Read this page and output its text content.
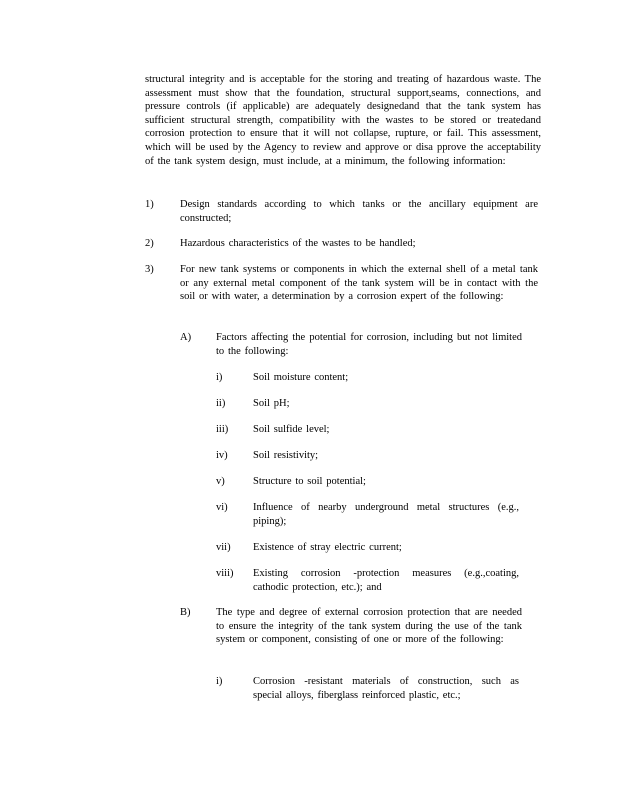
structural integrity and is acceptable for the storing and treating of hazardous waste. The assessment must show that the foundation, structural support,seams, connections, and pressure controls (if applicable) are adequately designedand that the tank system has sufficient structural strength, compatibility with the wastes to be stored or treatedand corrosion protection to ensure that it will not collapse, rupture, or fail. This assessment, which will be used by the Agency to review and approve or disa pprove the acceptability of the tank system design, must include, at a minimum, the following information:

1)	Design standards according to which tanks or the ancillary equipment are constructed;

2)	Hazardous characteristics of the wastes to be handled;

3)	For new tank systems or components in which the external shell of a metal tank or any external metal component of the tank system will be in contact with the soil or with water, a determination by a corrosion expert of the following:

A) Factors affecting the potential for corrosion, including but not limited to the following:

i)	Soil moisture content;

ii)	Soil pH;

iii) Soil sulfide level;

iv) Soil resistivity;

v)	Structure to soil potential;

vi) Influence of nearby underground metal structures (e.g., piping);

vii) Existence of stray electric current;

viii) Existing corrosion -protection measures (e.g.,coating, cathodic protection, etc.); and

B) The type and degree of external corrosion protection that are needed to ensure the integrity of the tank system during the use of the tank system or component, consisting of one or more of the following:

i)	Corrosion -resistant materials of construction, such as special alloys, fiberglass reinforced plastic, etc.;
